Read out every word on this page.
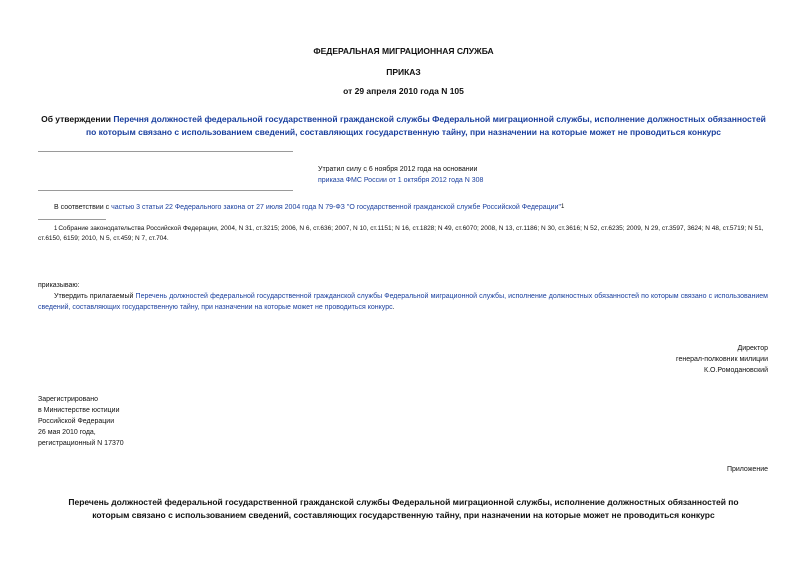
ФЕДЕРАЛЬНАЯ МИГРАЦИОННАЯ СЛУЖБА
ПРИКАЗ
от 29 апреля 2010 года N 105
Об утверждении Перечня должностей федеральной государственной гражданской службы Федеральной миграционной службы, исполнение должностных обязанностей по которым связано с использованием сведений, составляющих государственную тайну, при назначении на которые может не проводиться конкурс
Утратил силу с 6 ноября 2012 года на основании
приказа ФМС России от 1 октября 2012 года N 308
В соответствии с частью 3 статьи 22 Федерального закона от 27 июля 2004 года N 79-ФЗ "О государственной гражданской службе Российской Федерации"1
1Собрание законодательства Российской Федерации, 2004, N 31, ст.3215; 2006, N 6, ст.636; 2007, N 10, ст.1151; N 16, ст.1828; N 49, ст.6070; 2008, N 13, ст.1186; N 30, ст.3616; N 52, ст.6235; 2009, N 29, ст.3597, 3624; N 48, ст.5719; N 51, ст.6150, 6159; 2010, N 5, ст.459; N 7, ст.704.
приказываю:
Утвердить прилагаемый Перечень должностей федеральной государственной гражданской службы Федеральной миграционной службы, исполнение должностных обязанностей по которым связано с использованием сведений, составляющих государственную тайну, при назначении на которые может не проводиться конкурс.
Директор
генерал-полковник милиции
К.О.Ромодановский
Зарегистрировано
в Министерстве юстиции
Российской Федерации
26 мая 2010 года,
регистрационный N 17370
Приложение
Перечень должностей федеральной государственной гражданской службы Федеральной миграционной службы, исполнение должностных обязанностей по которым связано с использованием сведений, составляющих государственную тайну, при назначении на которые может не проводиться конкурс
